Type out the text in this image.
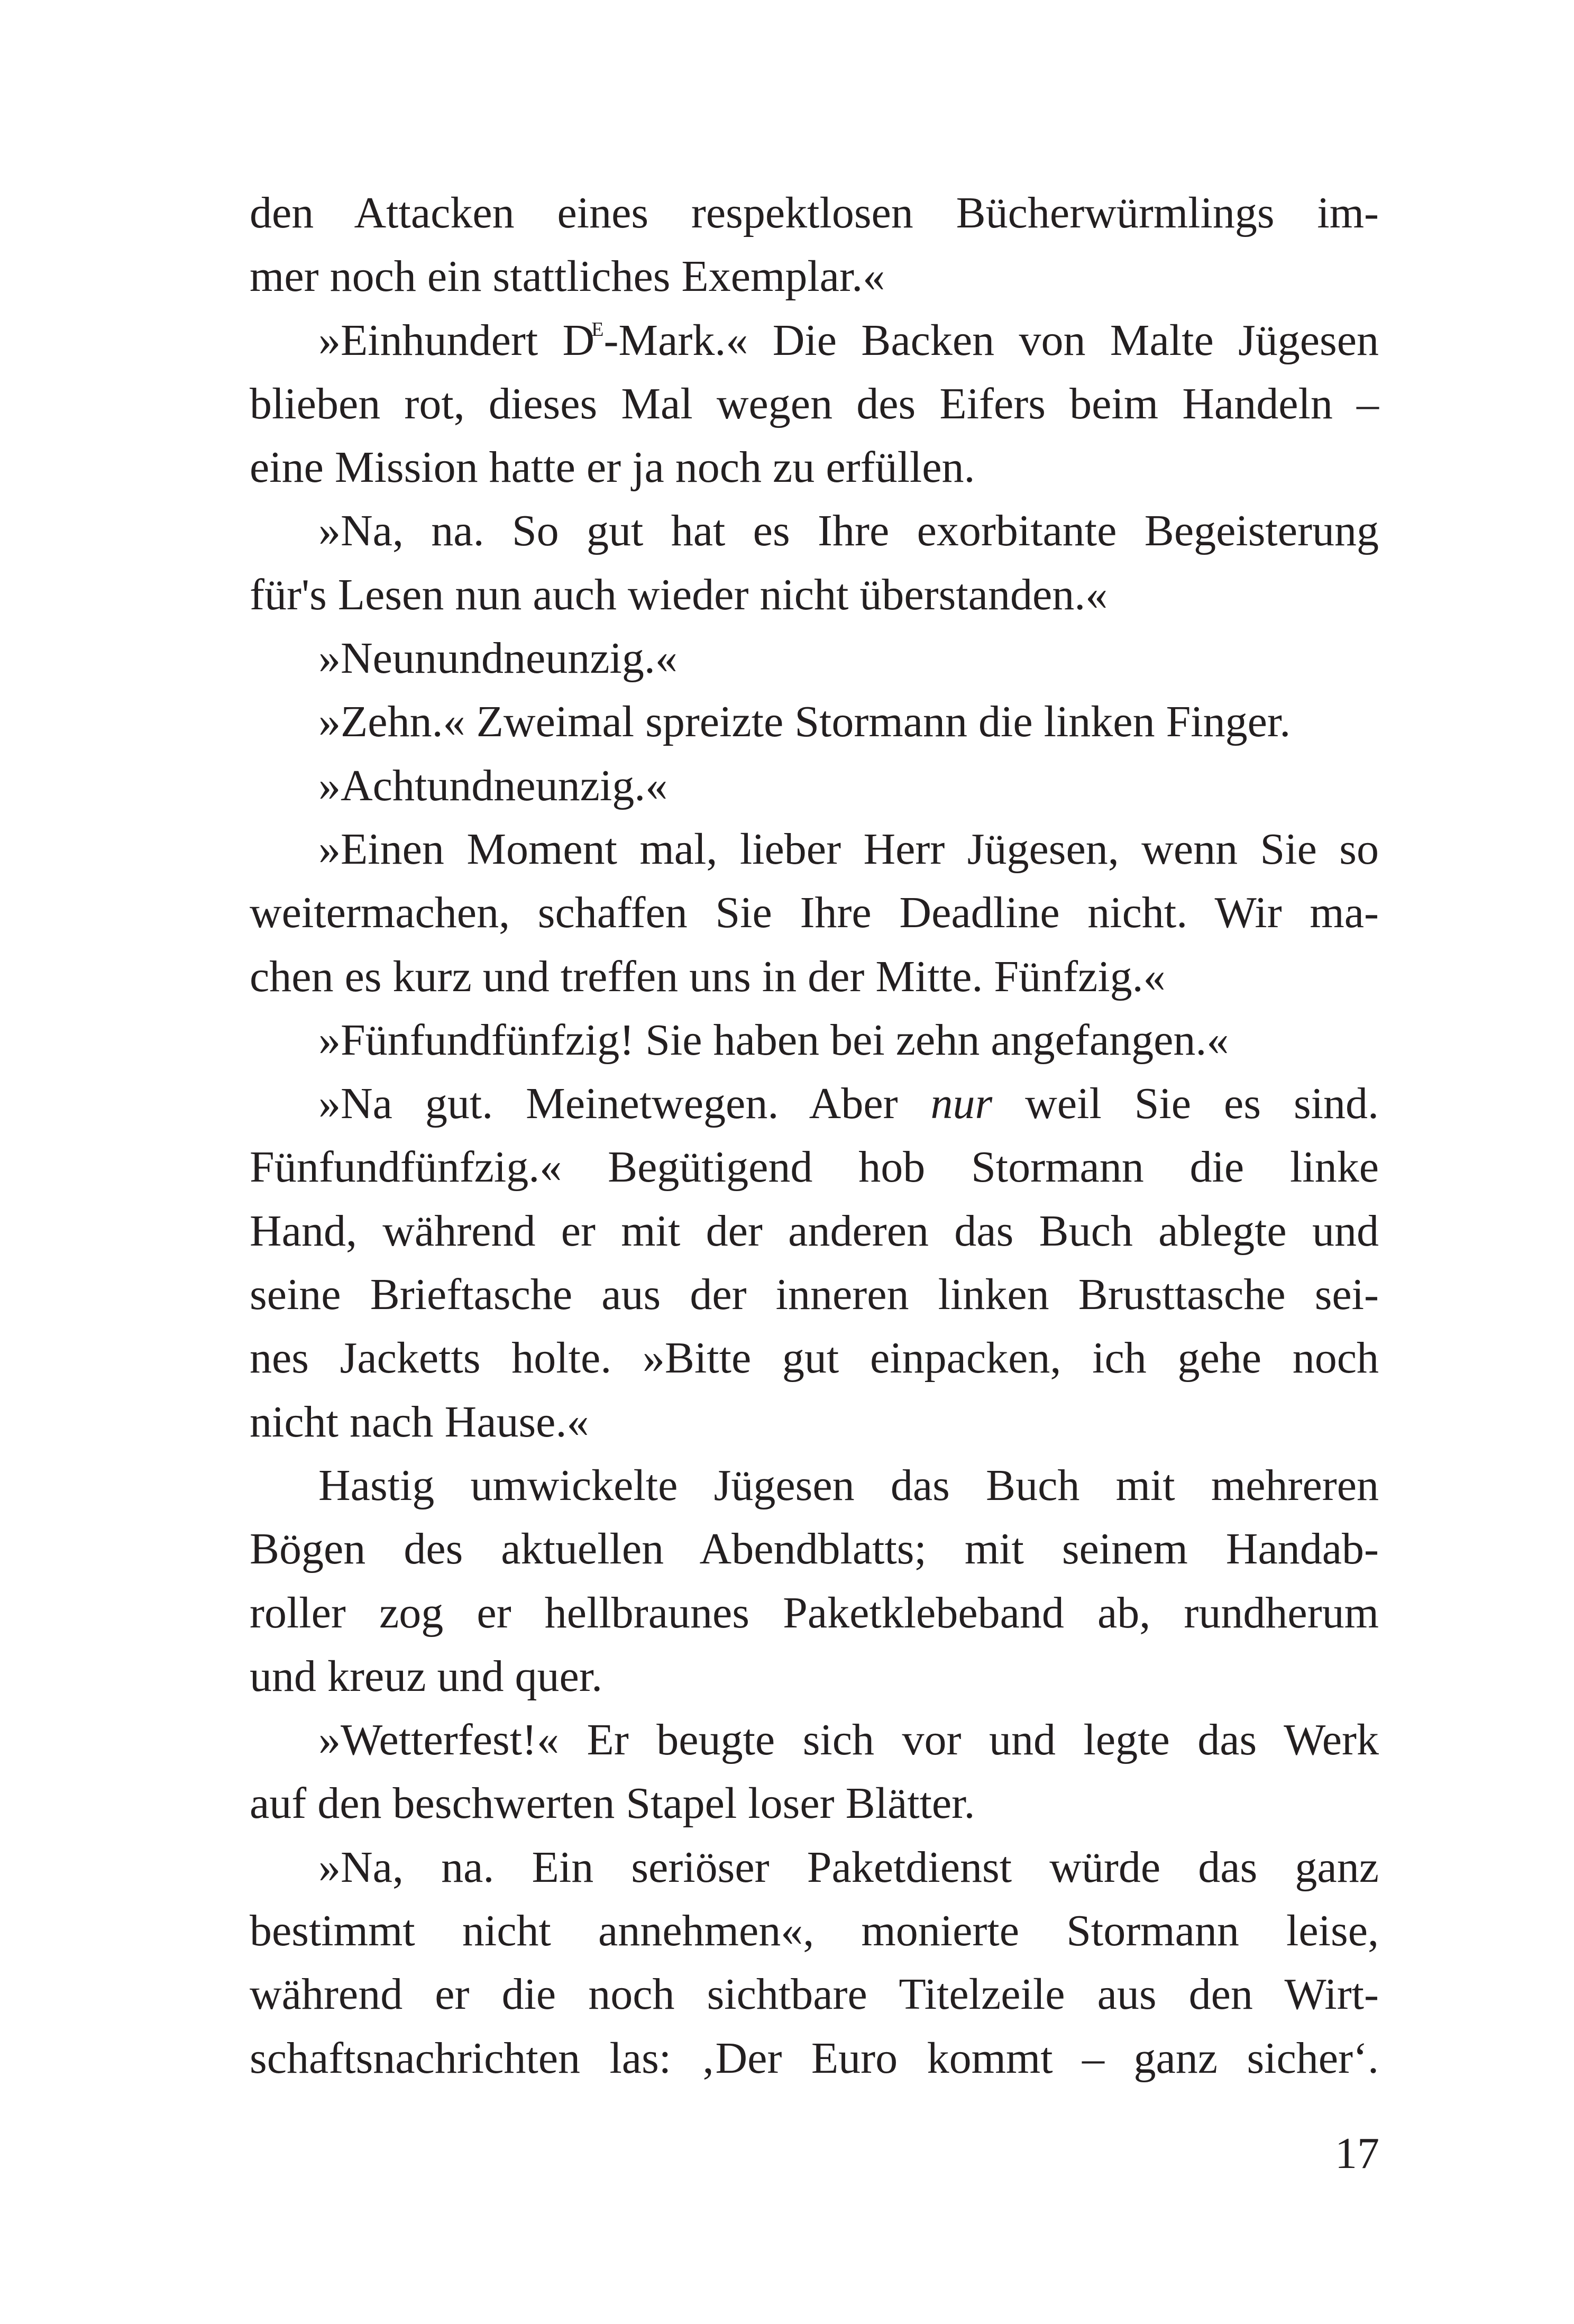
den Attacken eines respektlosen Bücherwürmlings im-
mer noch ein stattliches Exemplar.«
»Einhundert $D^E-Mark.«$ Die Backen von Malte Jügesen
blieben rot, dieses Mal wegen des Eifers beim Handeln –
eine Mission hatte er ja noch zu erfüllen.
»Na, na. So gut hat es Ihre exorbitante Begeisterung
für's Lesen nun auch wieder nicht überstanden.«
»Neunundneunzig.«
»Zehn.« Zweimal spreizte Stormann die linken Finger.
»Achtundneunzig.«
»Einen Moment mal, lieber Herr Jügesen, wenn Sie so
weitermachen, schaffen Sie Ihre Deadline nicht. Wir ma-
chen es kurz und treffen uns in der Mitte. Fünfzig.«
»Fünfundfünfzig! Sie haben bei zehn angefangen.«
»Na gut. Meinetwegen. Aber nur weil Sie es sind.
Fünfundfünfzig.« Begütigend hob Stormann die linke
Hand, während er mit der anderen das Buch ablegte und
seine Brieftasche aus der inneren linken Brusttasche sei-
nes Jacketts holte. »Bitte gut einpacken, ich gehe noch
nicht nach Hause.«
Hastig umwickelte Jügesen das Buch mit mehreren
Bögen des aktuellen Abendblatts; mit seinem Handab-
roller zog er hellbraunes Paketklebeband ab, rundherum
und kreuz und quer.
»Wetterfest!« Er beugte sich vor und legte das Werk
auf den beschwerten Stapel loser Blätter.
»Na, na. Ein seriöser Paketdienst würde das ganz
bestimmt nicht annehmen«, monierte Stormann leise,
während er die noch sichtbare Titelzeile aus den Wirt-
schaftsnachrichten las: ‚Der Euro kommt – ganz sicher‘.
17
